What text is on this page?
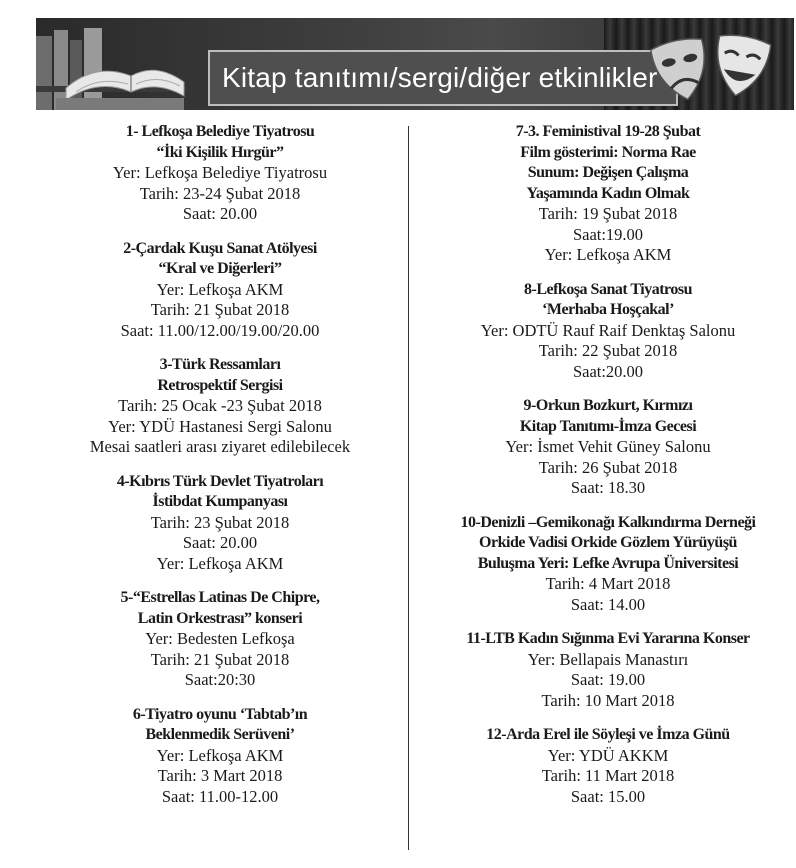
Kitap tanıtımı/sergi/diğer etkinlikler
1- Lefkoşa Belediye Tiyatrosu
“İki Kişilik Hırgür”
Yer: Lefkoşa Belediye Tiyatrosu
Tarih: 23-24 Şubat 2018
Saat: 20.00
2-Çardak Kuşu Sanat Atölyesi
“Kral ve Diğerleri”
Yer: Lefkoşa AKM
Tarih: 21 Şubat 2018
Saat: 11.00/12.00/19.00/20.00
3-Türk Ressamları
Retrospektif Sergisi
Tarih: 25 Ocak -23 Şubat 2018
Yer: YDÜ Hastanesi Sergi Salonu
Mesai saatleri arası ziyaret edilebilecek
4-Kıbrıs Türk Devlet Tiyatroları
İstibdat Kumpanyası
Tarih: 23 Şubat 2018
Saat: 20.00
Yer: Lefkoşa AKM
5-“Estrellas Latinas De Chipre,
Latin Orkestrası” konseri
Yer: Bedesten Lefkoşa
Tarih: 21 Şubat 2018
Saat:20:30
6-Tiyatro oyunu ‘Tabtab’ın
Beklenmedik Serüveni’
Yer: Lefkoşa AKM
Tarih: 3 Mart 2018
Saat: 11.00-12.00
7-3. Feministival 19-28 Şubat
Film gösterimi: Norma Rae
Sunum: Değişen Çalışma
Yaşamında Kadın Olmak
Tarih: 19 Şubat 2018
Saat:19.00
Yer: Lefkoşa AKM
8-Lefkoşa Sanat Tiyatrosu
‘Merhaba Hoşçakal’
Yer: ODTÜ Rauf Raif Denktaş Salonu
Tarih: 22 Şubat 2018
Saat:20.00
9-Orkun Bozkurt, Kırmızı
Kitap Tanıtımı-İmza Gecesi
Yer: İsmet Vehit Güney Salonu
Tarih: 26 Şubat 2018
Saat: 18.30
10-Denizli –Gemikonağı Kalkındırma Derneği
Orkide Vadisi Orkide Gözlem Yürüyüşü
Buluşma Yeri: Lefke Avrupa Üniversitesi
Tarih: 4 Mart 2018
Saat: 14.00
11-LTB Kadın Sığınma Evi Yararına Konser
Yer: Bellapais Manastırı
Saat: 19.00
Tarih: 10 Mart 2018
12-Arda Erel ile Söyleşi ve İmza Günü
Yer: YDÜ AKKM
Tarih: 11 Mart 2018
Saat: 15.00
